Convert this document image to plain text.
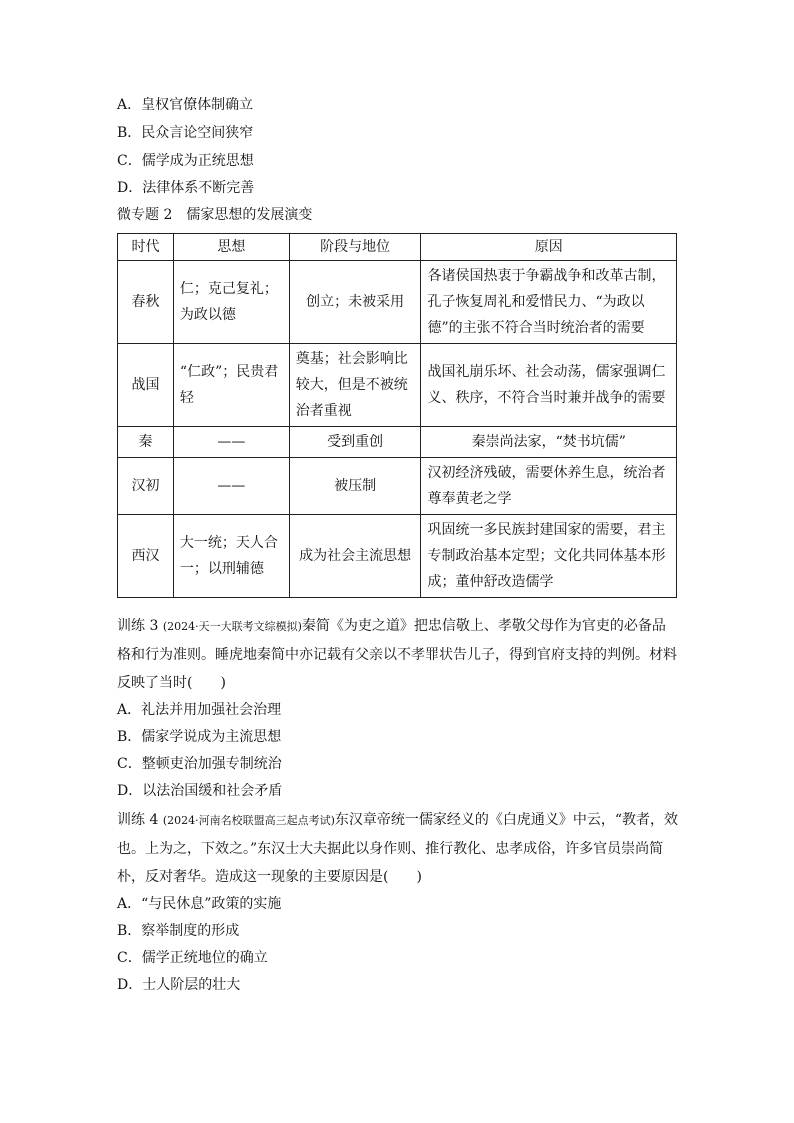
A．皇权官僚体制确立
B．民众言论空间狭窄
C．儒学成为正统思想
D．法律体系不断完善
微专题 2　儒家思想的发展演变
时代	思想	阶段与地位	原因
春秋	仁；克己复礼；为政以德	创立；未被采用	各诸侯国热衷于争霸战争和改革古制，孔子恢复周礼和爱惜民力、“为政以德”的主张不符合当时统治者的需要
战国	“仁政”；民贵君轻	奠基；社会影响比较大，但是不被统治者重视	战国礼崩乐坏、社会动荡，儒家强调仁义、秩序，不符合当时兼并战争的需要
秦	——	受到重创	秦崇尚法家，“焚书坑儒”
汉初	——	被压制	汉初经济残破，需要休养生息，统治者尊奉黄老之学
西汉	大一统；天人合一；以刑辅德	成为社会主流思想	巩固统一多民族封建国家的需要，君主专制政治基本定型；文化共同体基本形成；董仲舒改造儒学
训练 3 (2024·天一大联考文综模拟)秦简《为吏之道》把忠信敬上、孝敬父母作为官吏的必备品格和行为准则。睡虎地秦简中亦记载有父亲以不孝罪状告儿子，得到官府支持的判例。材料反映了当时(　　)
A．礼法并用加强社会治理
B．儒家学说成为主流思想
C．整顿吏治加强专制统治
D．以法治国缓和社会矛盾
训练 4 (2024·河南名校联盟高三起点考试)东汉章帝统一儒家经义的《白虎通义》中云，“教者，效也。上为之，下效之。”东汉士大夫据此以身作则、推行教化、忠孝成俗，许多官员崇尚简朴，反对奢华。造成这一现象的主要原因是(　　)
A．“与民休息”政策的实施
B．察举制度的形成
C．儒学正统地位的确立
D．士人阶层的壮大
